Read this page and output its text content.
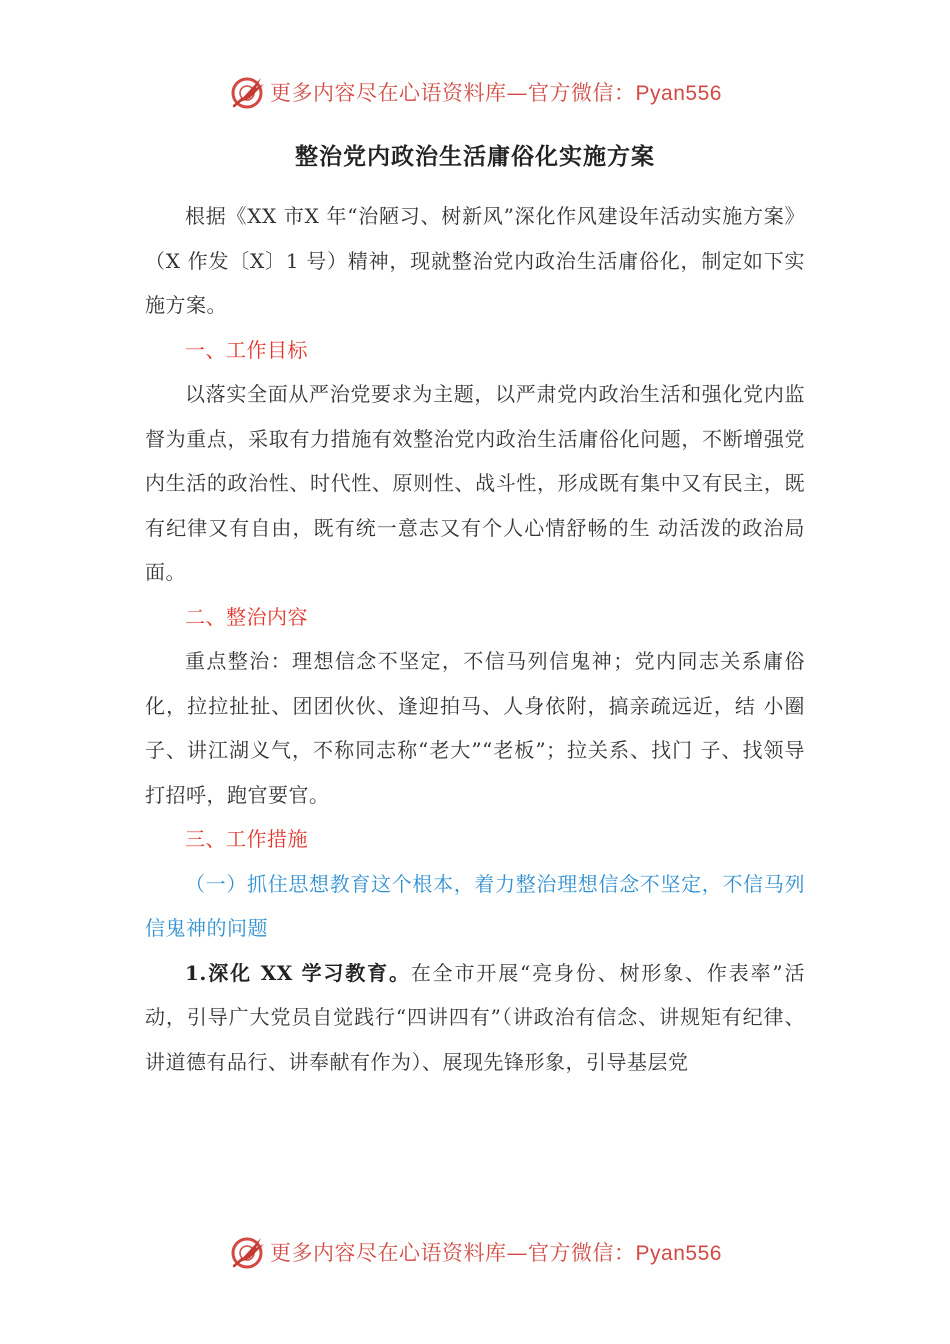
更多内容尽在心语资料库—官方微信：Pyan556
整治党内政治生活庸俗化实施方案

根据《XX 市X 年“治陋习、树新风”深化作风建设年活动实施方案》（X 作发〔X〕1 号）精神，现就整治党内政治生活庸俗化，制定如下实施方案。

一、工作目标

以落实全面从严治党要求为主题，以严肃党内政治生活和强化党内监督为重点，采取有力措施有效整治党内政治生活庸俗化问题，不断增强党内生活的政治性、时代性、原则性、战斗性，形成既有集中又有民主，既有纪律又有自由，既有统一意志又有个人心情舒畅的生 动活泼的政治局面。

二、整治内容

重点整治：理想信念不坚定，不信马列信鬼神；党内同志关系庸俗化，拉拉扯扯、团团伙伙、逢迎拍马、人身依附，搞亲疏远近，结 小圈子、讲江湖义气，不称同志称“老大”“老板”；拉关系、找门 子、找领导打招呼，跑官要官。

三、工作措施

（一）抓住思想教育这个根本，着力整治理想信念不坚定，不信马列信鬼神的问题

1.深化 XX 学习教育。在全市开展“亮身份、树形象、作表率”活动，引导广大党员自觉践行“四讲四有”（讲政治有信念、讲规矩有纪律、讲道德有品行、讲奉献有作为）、展现先锋形象，引导基层党

更多内容尽在心语资料库—官方微信：Pyan556
